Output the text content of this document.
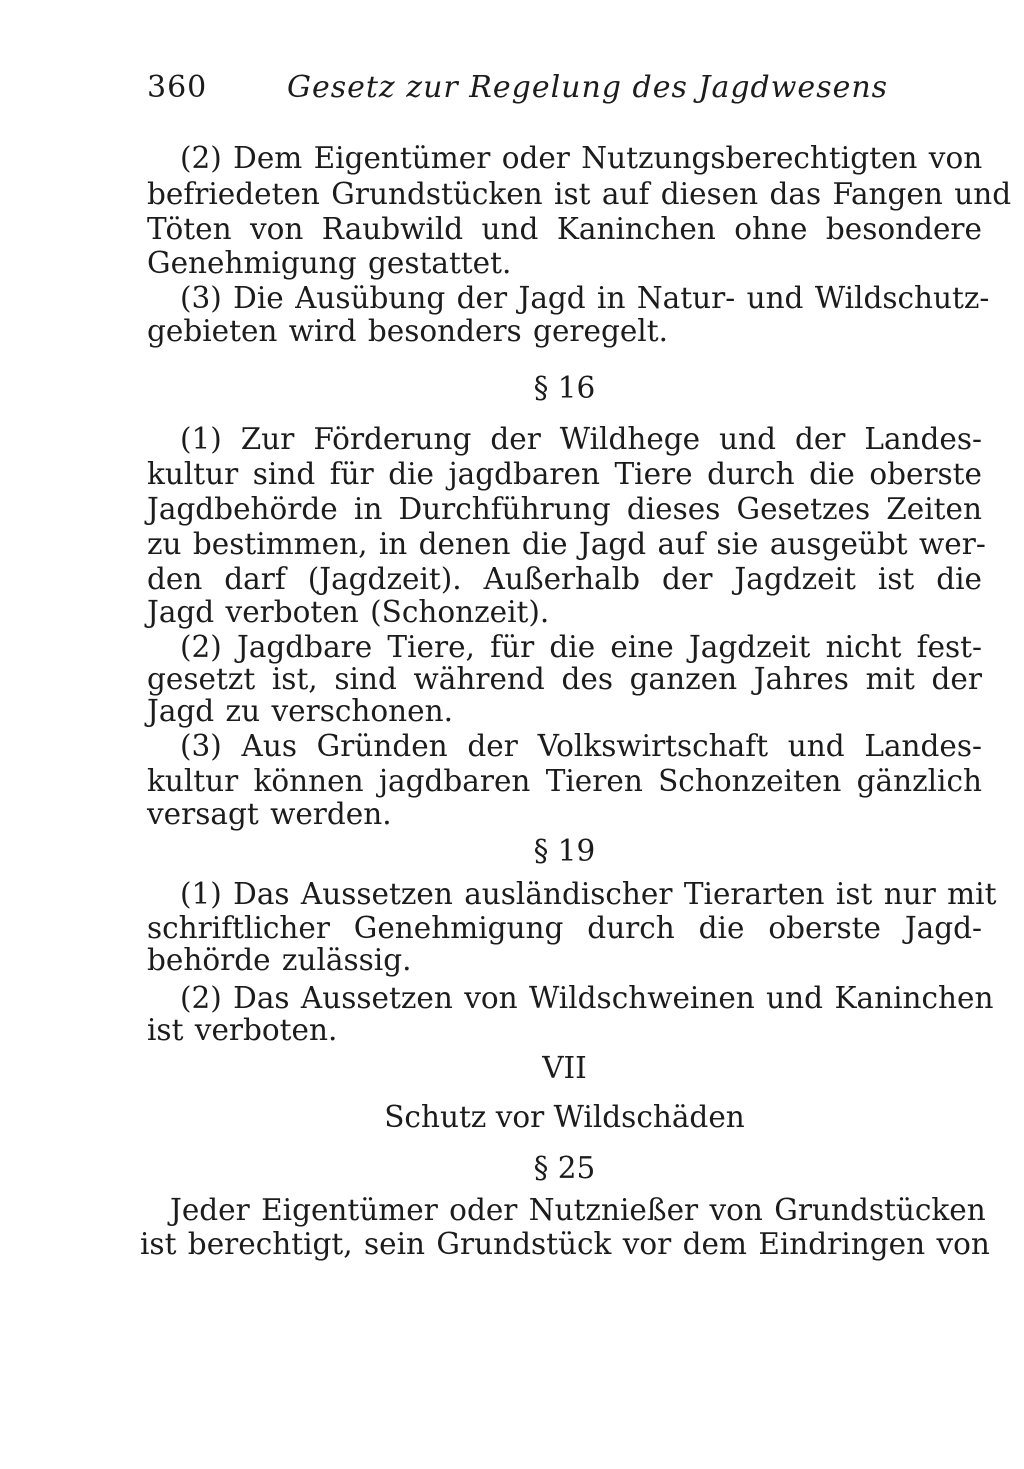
360	Gesetz zur Regelung des Jagdwesens
(2) Dem Eigentümer oder Nutzungsberechtigten von
befriedeten Grundstücken ist auf diesen das Fangen und
Töten von Raubwild und Kaninchen ohne besondere
Genehmigung gestattet.
(3) Die Ausübung der Jagd in Natur- und Wildschutz-
gebieten wird besonders geregelt.
§ 16
(1) Zur Förderung der Wildhege und der Landes-
kultur sind für die jagdbaren Tiere durch die oberste
Jagdbehörde in Durchführung dieses Gesetzes Zeiten
zu bestimmen, in denen die Jagd auf sie ausgeübt wer-
den darf (Jagdzeit). Außerhalb der Jagdzeit ist die
Jagd verboten (Schonzeit).
(2) Jagdbare Tiere, für die eine Jagdzeit nicht fest-
gesetzt ist, sind während des ganzen Jahres mit der
Jagd zu verschonen.
(3) Aus Gründen der Volkswirtschaft und Landes-
kultur können jagdbaren Tieren Schonzeiten gänzlich
versagt werden.
§ 19
(1) Das Aussetzen ausländischer Tierarten ist nur mit
schriftlicher Genehmigung durch die oberste Jagd-
behörde zulässig.
(2) Das Aussetzen von Wildschweinen und Kaninchen
ist verboten.
VII
Schutz vor Wildschäden
§ 25
Jeder Eigentümer oder Nutznießer von Grundstücken
ist berechtigt, sein Grundstück vor dem Eindringen von
